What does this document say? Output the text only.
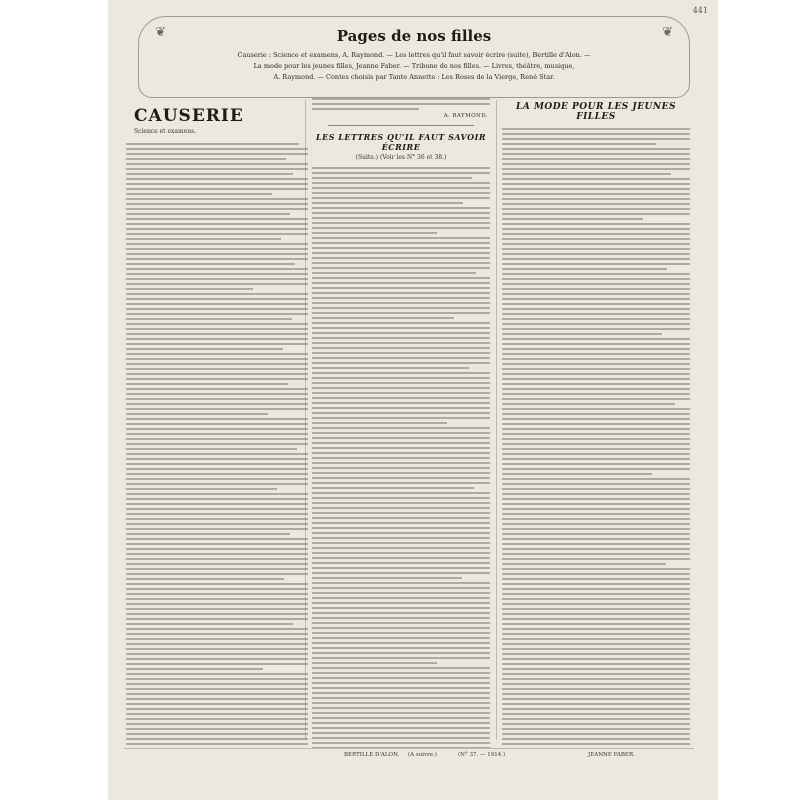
441
❦	❦
Pages de nos filles
Causerie : Science et examens, A. Raymond. — Les lettres qu'il faut savoir écrire (suite), Bertille d'Alon. —
La mode pour les jeunes filles, Jeanne Faber. — Tribune de nos filles. — Livres, théâtre, musique,
A. Raymond. — Contes choisis par Tante Annette : Les Roses de la Vierge, René Star.
CAUSERIE
Science et examens.
A. RAYMOND.
LES LETTRES QU'IL FAUT SAVOIR ÉCRIRE
(Suite.) (Voir les N° 36 et 38.)
LA MODE POUR LES JEUNES FILLES
(A suivre.)
BERTILLE D'ALON.	JEANNE FABER.
(N° 37. — 1914.)
